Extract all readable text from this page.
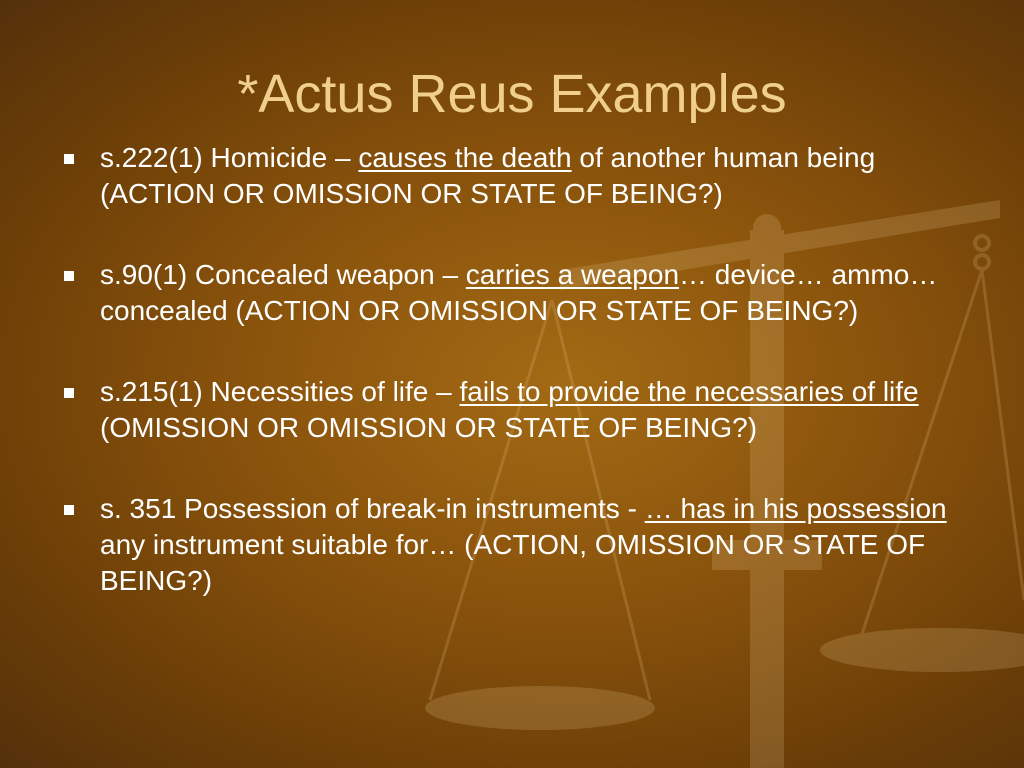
*Actus Reus Examples
s.222(1) Homicide – causes the death of another human being (ACTION OR OMISSION OR STATE OF BEING?)
s.90(1) Concealed weapon – carries a weapon… device… ammo… concealed (ACTION OR OMISSION OR STATE OF BEING?)
s.215(1) Necessities of life – fails to provide the necessaries of life (OMISSION OR OMISSION OR STATE OF BEING?)
s. 351 Possession of break-in instruments - … has in his possession any instrument suitable for… (ACTION, OMISSION OR STATE OF BEING?)
